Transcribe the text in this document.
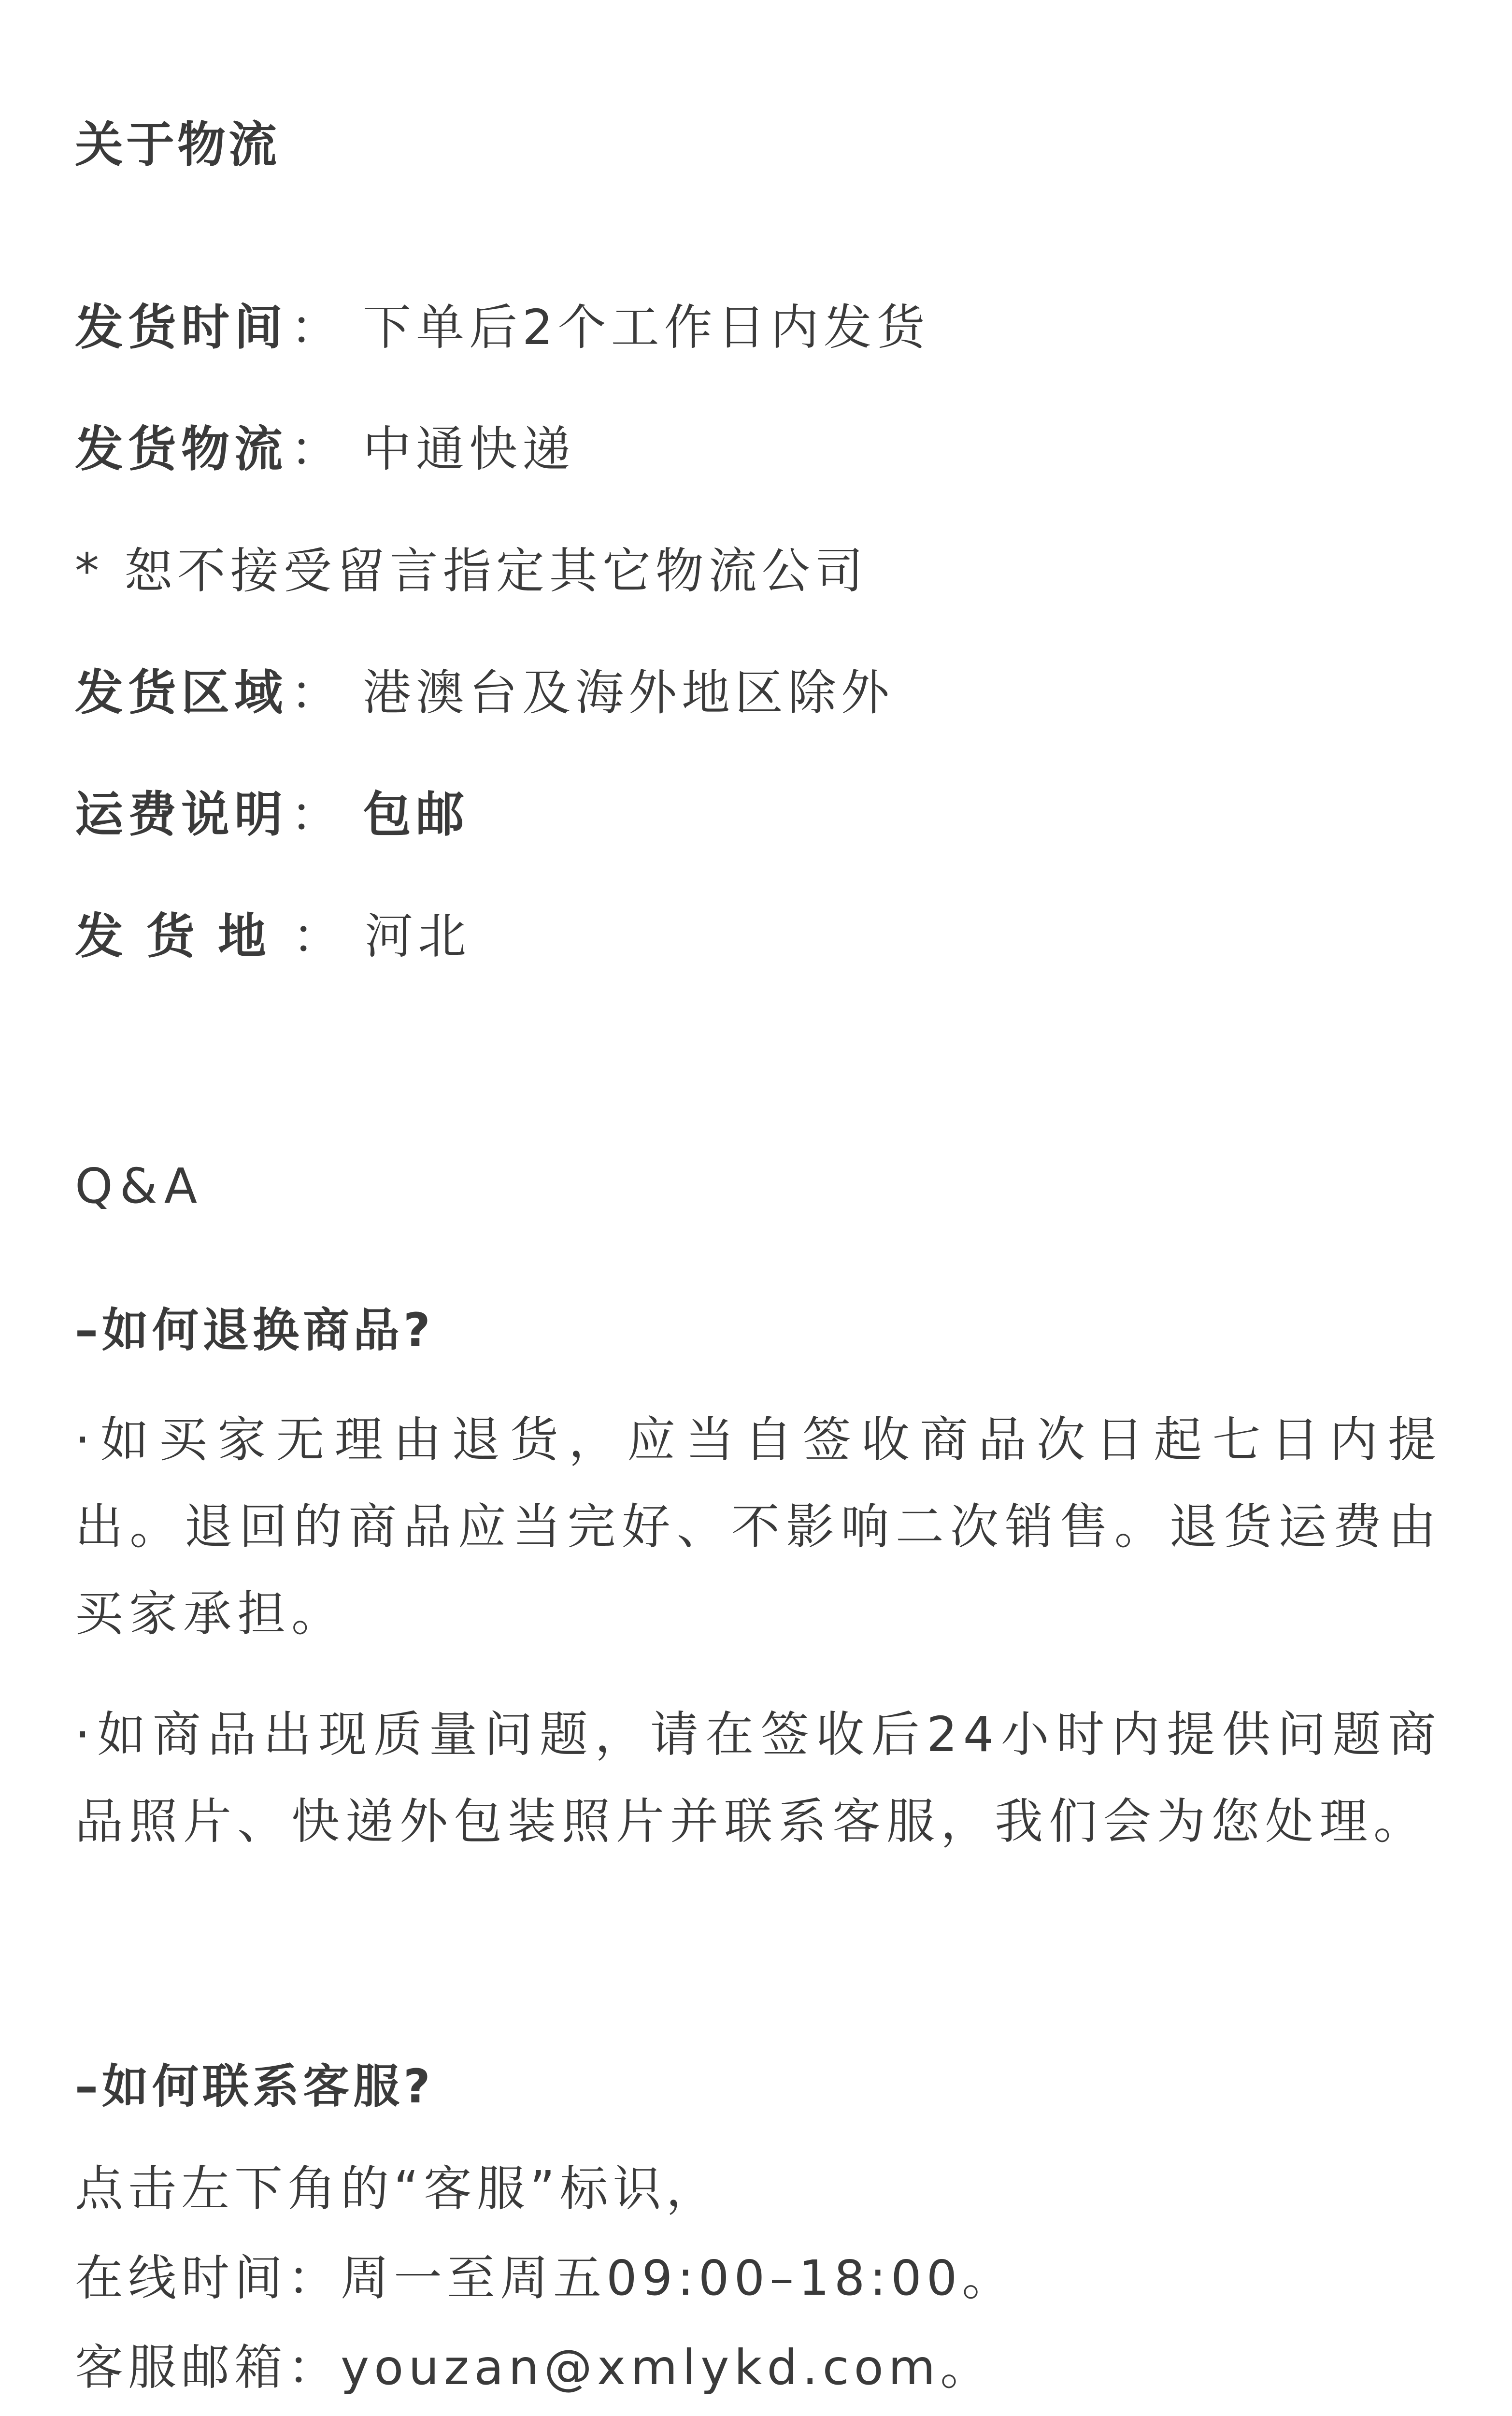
关于物流
发货时间： 下单后2个工作日内发货
发货物流： 中通快递
* 恕不接受留言指定其它物流公司
发货区域： 港澳台及海外地区除外
运费说明： 包邮
发货地： 河北
Q&A
–如何退换商品?
·如买家无理由退货，应当自签收商品次日起七日内提出。退回的商品应当完好、不影响二次销售。退货运费由买家承担。
·如商品出现质量问题，请在签收后24小时内提供问题商品照片、快递外包装照片并联系客服，我们会为您处理。
–如何联系客服?
点击左下角的“客服”标识，
在线时间：周一至周五09:00–18:00。
客服邮箱：youzan@xmlykd.com。
